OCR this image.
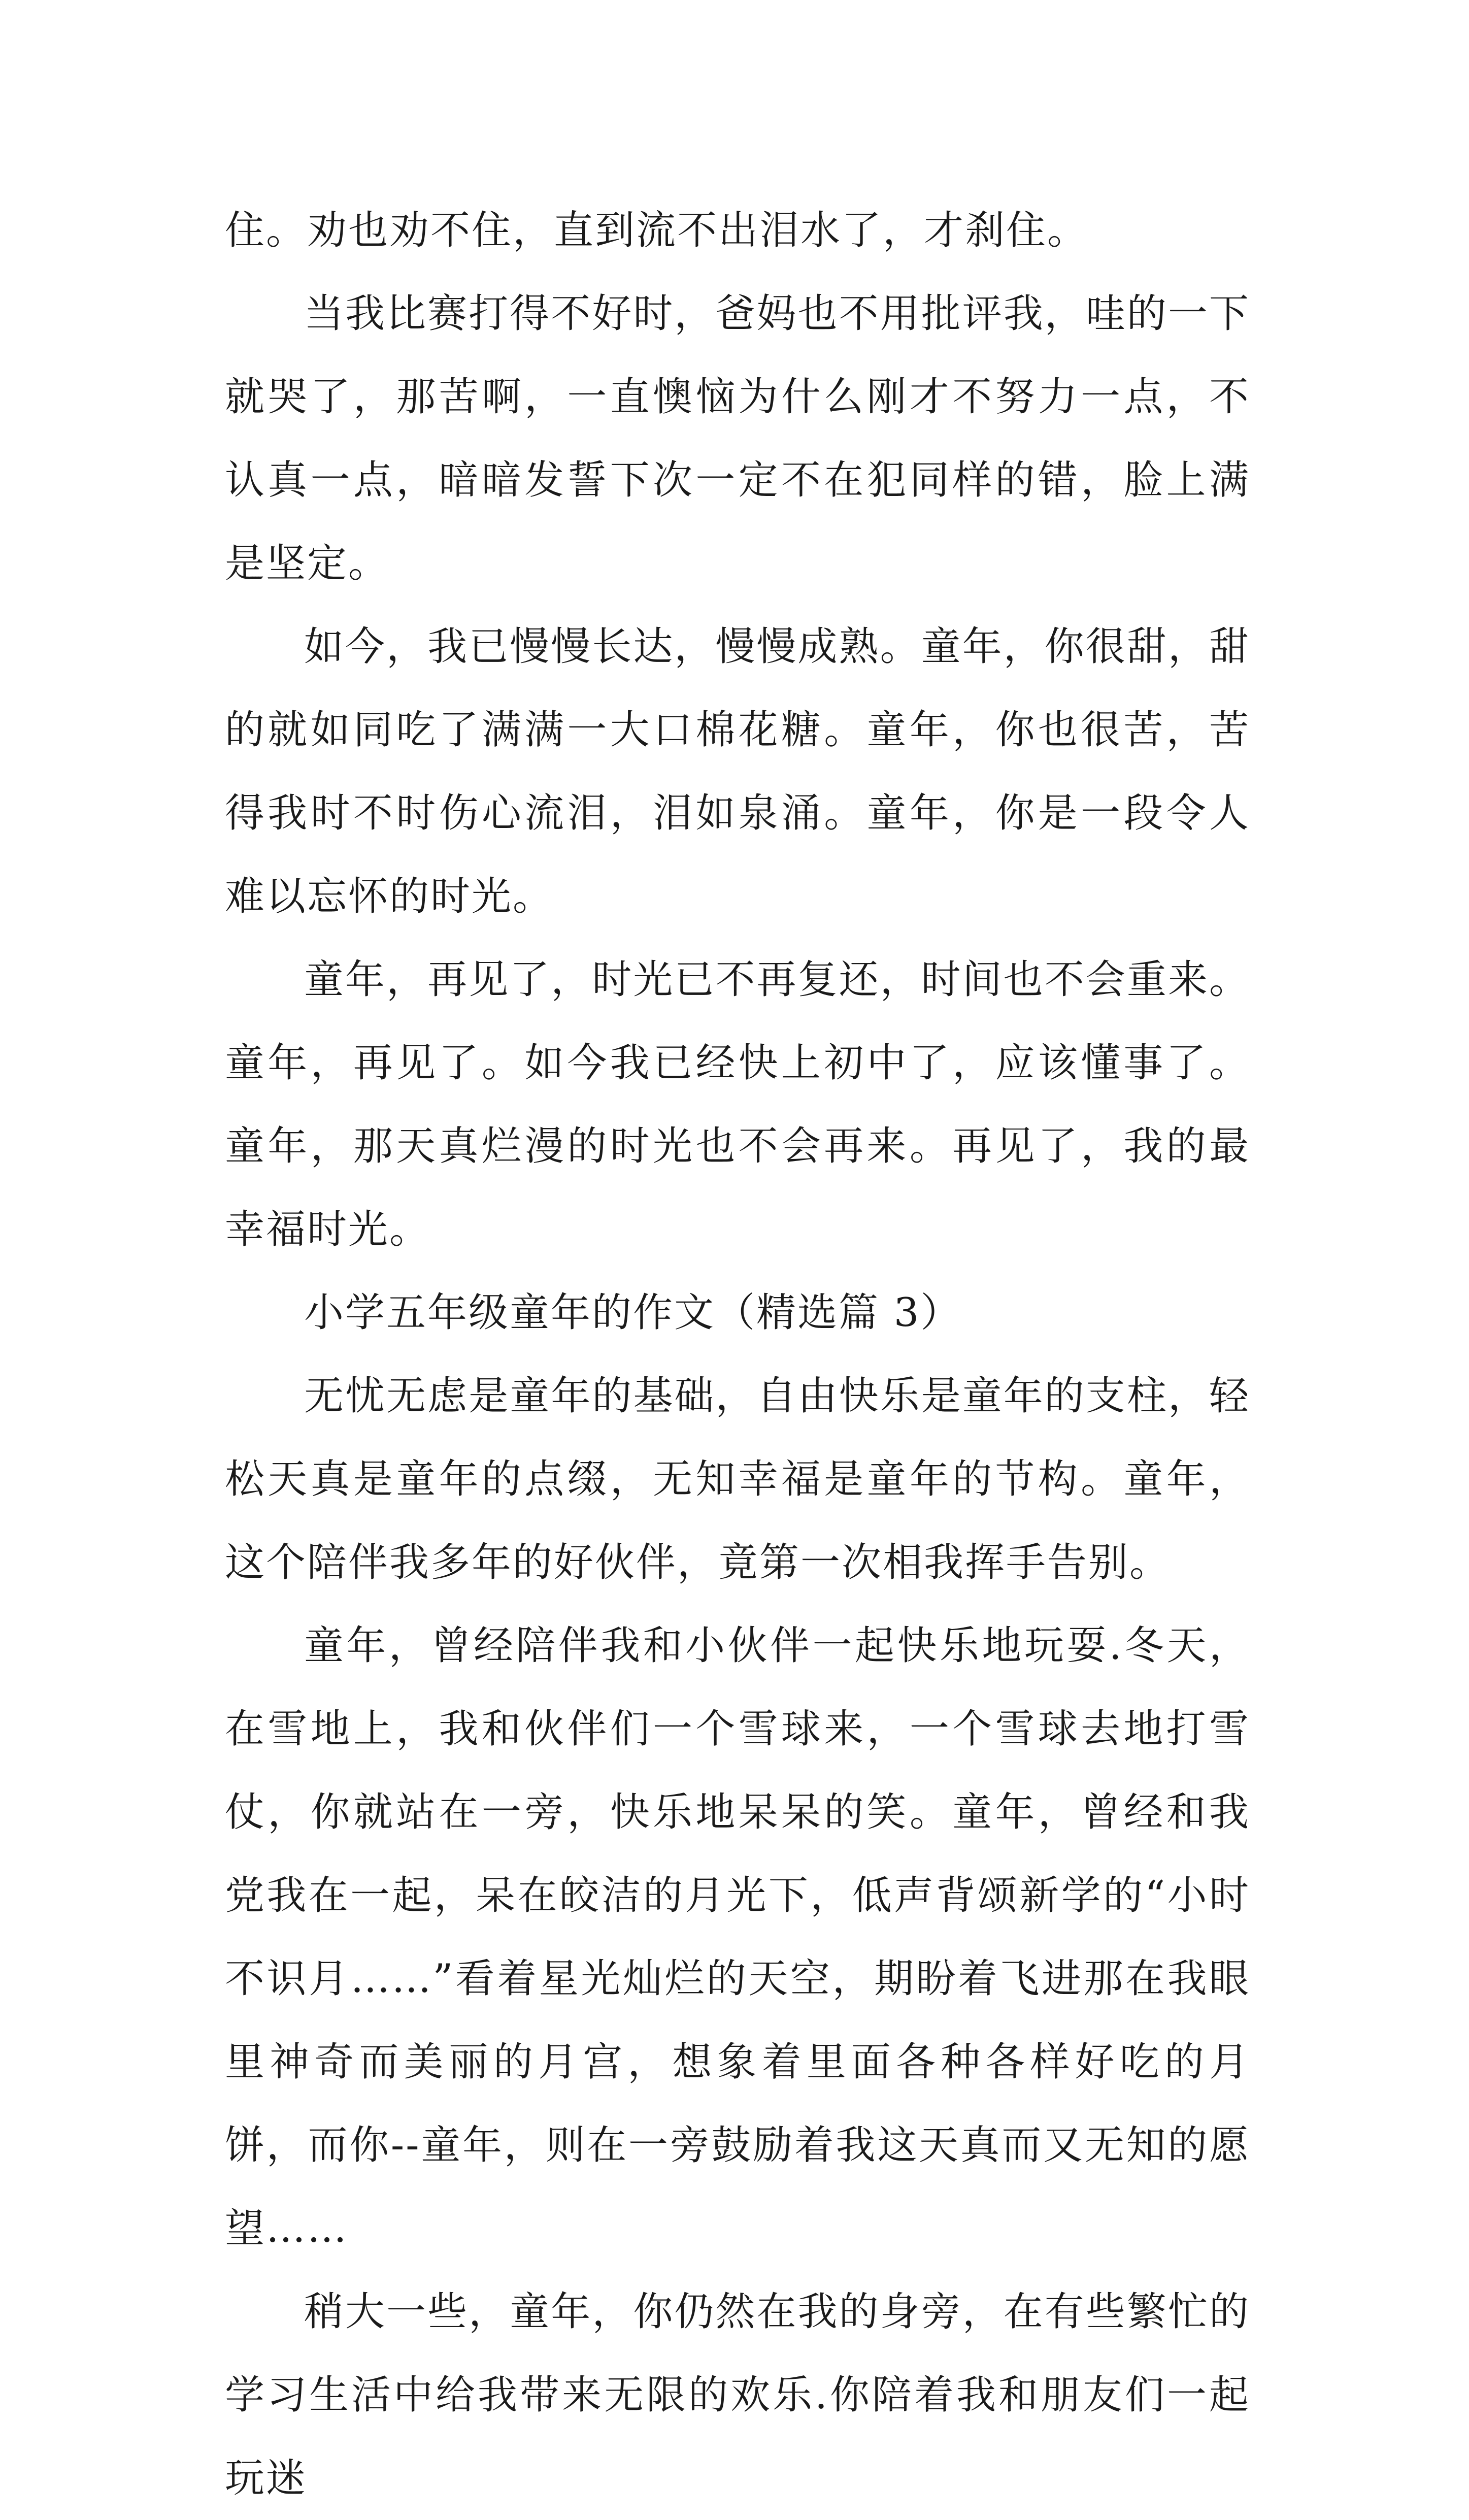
住。劝也劝不住，直到流不出泪水了，才刹住。

当我比赛打得不好时，爸妈也不用批评我，哇的一下就哭了，那苦啊，一直懊恼为什么刚才不努力一点，不认真一点，暗暗发誓下次一定不在犯同样的错，脸上满是坚定。

如今，我已慢慢长达，慢慢成熟。童年，你很甜，甜的就如同吃了满满一大口棉花糖。童年，你也很苦，苦得我时不时伤心流泪，泪如泉涌。童年，你是一段令人难以忘怀的时光。

童年，再见了，时光已不再复还，时间也不会重来。童年，再见了。如今我已经快上初中了，应该懂事了。童年，那天真烂漫的时光也不会再来。再见了，我的最幸福时光。

小学五年级童年的作文（精选篇 3）

无忧无虑是童年的基础，自由快乐是童年的支柱，轻松天真是童年的点缀，无知幸福是童年的节构。童年，这个陪伴我多年的好伙伴，竟第一次相我挥手告别。

童年，曾经陪伴我和小伙伴一起快乐地玩耍.冬天，在雪地上，我和伙伴们一个雪球来，一个雪球去地打雪仗，你就站在一旁，快乐地呆呆的笑。童年，曾经和我党我在一起，呆在皎洁的月光下，低声背颂新学的“小时不识月……”看着星光灿烂的天空，期盼着飞进那在我眼里神奇而美丽的月宫，想象着里面各种各样好吃的月饼，而你--童年，则在一旁鼓励着我这天真而又无知的愿望……

稍大一些，童年，你仍然在我的身旁，在有些繁忙的学习生活中给我带来无限的欢乐.你陪着我和朋友们一起玩迷
